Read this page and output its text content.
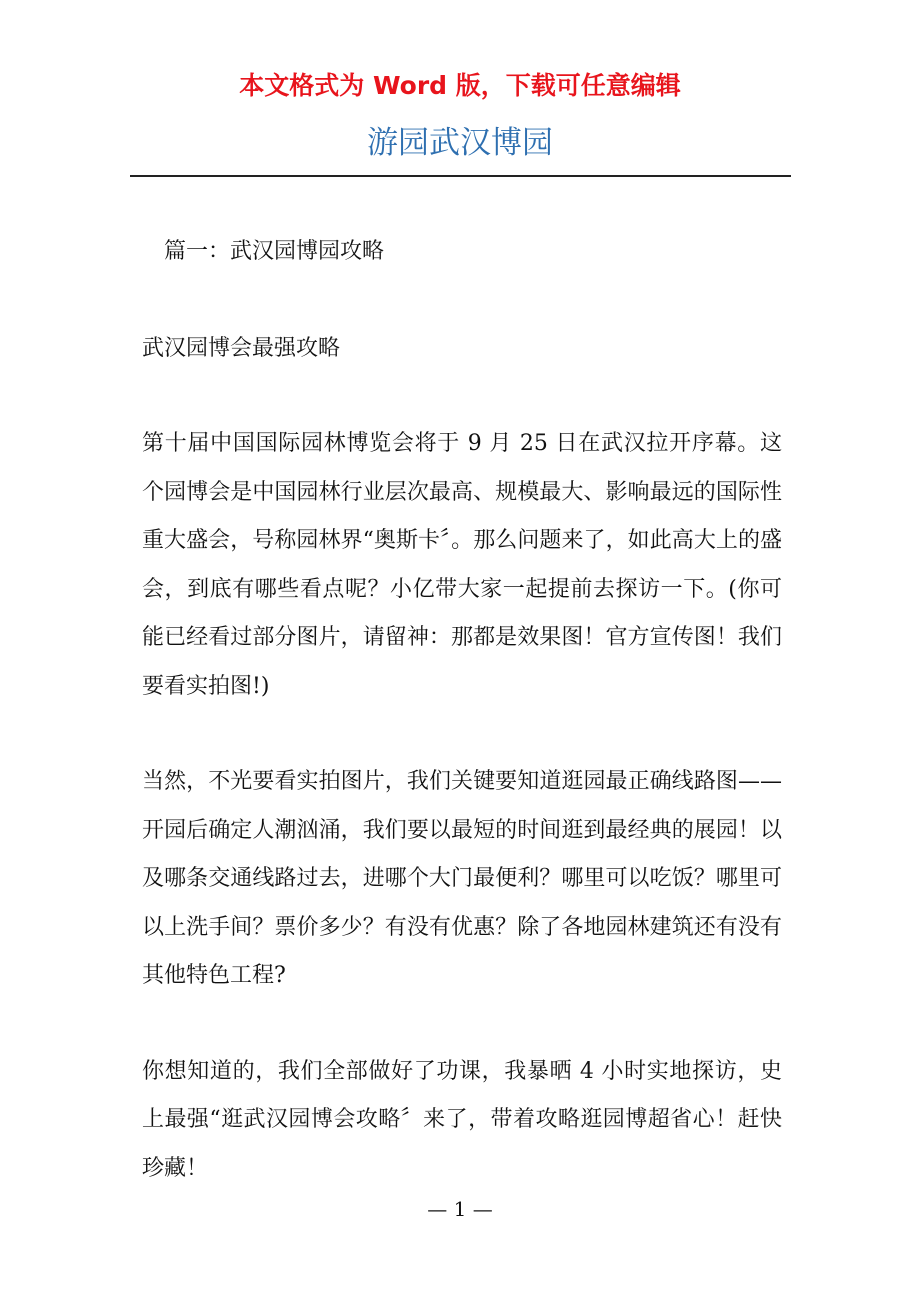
本文格式为 Word 版，下载可任意编辑
游园武汉博园

篇一：武汉园博园攻略

武汉园博会最强攻略

第十届中国国际园林博览会将于 9 月 25 日在武汉拉开序幕。这个园博会是中国园林行业层次最高、规模最大、影响最远的国际性重大盛会，号称园林界“奥斯卡〞。那么问题来了，如此高大上的盛会，到底有哪些看点呢？小亿带大家一起提前去探访一下。(你可能已经看过部分图片，请留神：那都是效果图！官方宣传图！我们要看实拍图!)

当然，不光要看实拍图片，我们关键要知道逛园最正确线路图——开园后确定人潮汹涌，我们要以最短的时间逛到最经典的展园！以及哪条交通线路过去，进哪个大门最便利？哪里可以吃饭？哪里可以上洗手间？票价多少？有没有优惠？除了各地园林建筑还有没有其他特色工程?

你想知道的，我们全部做好了功课，我暴晒 4 小时实地探访，史上最强“逛武汉园博会攻略〞来了，带着攻略逛园博超省心！赶快珍藏！

— 1 —
